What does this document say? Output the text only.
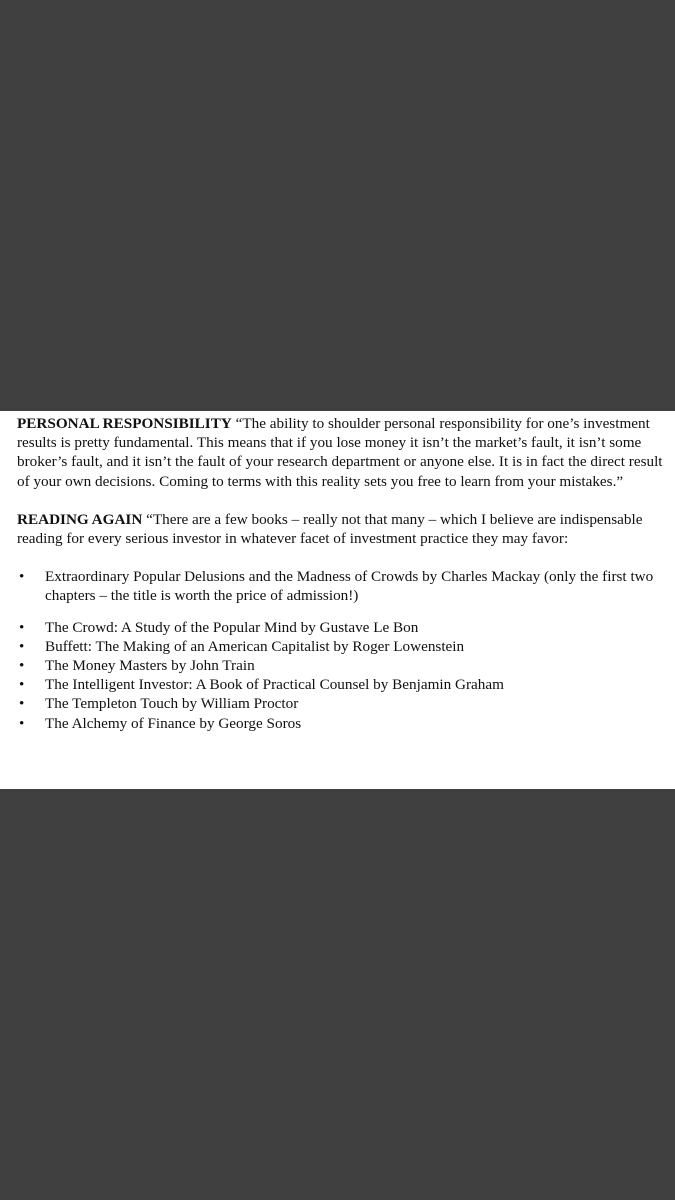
PERSONAL RESPONSIBILITY “The ability to shoulder personal responsibility for one’s investment results is pretty fundamental. This means that if you lose money it isn’t the market’s fault, it isn’t some broker’s fault, and it isn’t the fault of your research department or anyone else. It is in fact the direct result of your own decisions. Coming to terms with this reality sets you free to learn from your mistakes.”

READING AGAIN “There are a few books – really not that many – which I believe are indispensable reading for every serious investor in whatever facet of investment practice they may favor:

• Extraordinary Popular Delusions and the Madness of Crowds by Charles Mackay (only the first two chapters – the title is worth the price of admission!)
• The Crowd: A Study of the Popular Mind by Gustave Le Bon
• Buffett: The Making of an American Capitalist by Roger Lowenstein
• The Money Masters by John Train
• The Intelligent Investor: A Book of Practical Counsel by Benjamin Graham
• The Templeton Touch by William Proctor
• The Alchemy of Finance by George Soros
